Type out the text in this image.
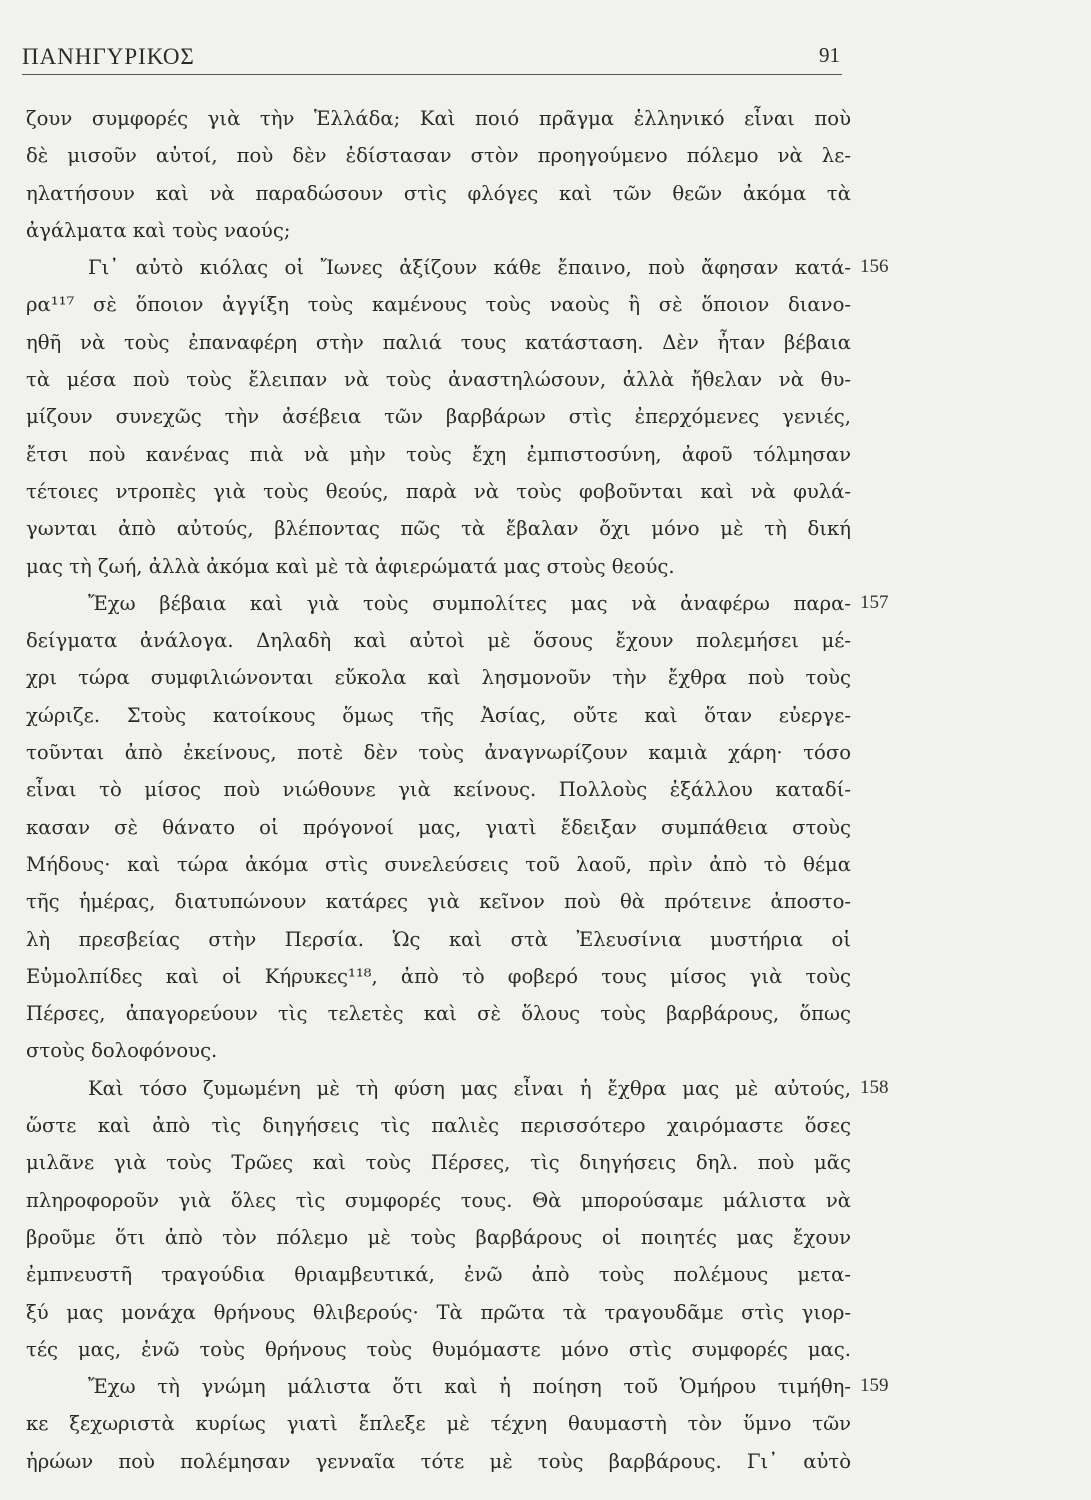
ΠΑΝΗΓΥΡΙΚΟΣ	91
ζουν συμφορές γιὰ τὴν Ἑλλάδα; Καὶ ποιό πρᾶγμα ἑλληνικό εἶναι ποὺ
δὲ μισοῦν αὐτοί, ποὺ δὲν ἐδίστασαν στὸν προηγούμενο πόλεμο νὰ λε-
ηλατήσουν καὶ νὰ παραδώσουν στὶς φλόγες καὶ τῶν θεῶν ἀκόμα τὰ
ἀγάλματα καὶ τοὺς ναούς;
Γι᾿ αὐτὸ κιόλας οἱ Ἴωνες ἀξίζουν κάθε ἔπαινο, ποὺ ἄφησαν κατά-
ρα¹¹⁷ σὲ ὅποιον ἀγγίξη τοὺς καμένους τοὺς ναοὺς ἢ σὲ ὅποιον διανο-
ηθῆ νὰ τοὺς ἐπαναφέρη στὴν παλιά τους κατάσταση. Δὲν ἦταν βέβαια
τὰ μέσα ποὺ τοὺς ἔλειπαν νὰ τοὺς ἀναστηλώσουν, ἀλλὰ ἤθελαν νὰ θυ-
μίζουν συνεχῶς τὴν ἀσέβεια τῶν βαρβάρων στὶς ἐπερχόμενες γενιές,
ἔτσι ποὺ κανένας πιὰ νὰ μὴν τοὺς ἔχη ἐμπιστοσύνη, ἀφοῦ τόλμησαν
τέτοιες ντροπὲς γιὰ τοὺς θεούς, παρὰ νὰ τοὺς φοβοῦνται καὶ νὰ φυλά-
γωνται ἀπὸ αὐτούς, βλέποντας πῶς τὰ ἔβαλαν ὄχι μόνο μὲ τὴ δική
μας τὴ ζωή, ἀλλὰ ἀκόμα καὶ μὲ τὰ ἀφιερώματά μας στοὺς θεούς.
Ἔχω βέβαια καὶ γιὰ τοὺς συμπολίτες μας νὰ ἀναφέρω παρα-
δείγματα ἀνάλογα. Δηλαδὴ καὶ αὐτοὶ μὲ ὅσους ἔχουν πολεμήσει μέ-
χρι τώρα συμφιλιώνονται εὔκολα καὶ λησμονοῦν τὴν ἔχθρα ποὺ τοὺς
χώριζε. Στοὺς κατοίκους ὅμως τῆς Ἀσίας, οὔτε καὶ ὅταν εὐεργε-
τοῦνται ἀπὸ ἐκείνους, ποτὲ δὲν τοὺς ἀναγνωρίζουν καμιὰ χάρη· τόσο
εἶναι τὸ μίσος ποὺ νιώθουνε γιὰ κείνους. Πολλοὺς ἐξάλλου καταδί-
κασαν σὲ θάνατο οἱ πρόγονοί μας, γιατὶ ἔδειξαν συμπάθεια στοὺς
Μήδους· καὶ τώρα ἀκόμα στὶς συνελεύσεις τοῦ λαοῦ, πρὶν ἀπὸ τὸ θέμα
τῆς ἡμέρας, διατυπώνουν κατάρες γιὰ κεῖνον ποὺ θὰ πρότεινε ἀποστο-
λὴ πρεσβείας στὴν Περσία. Ὡς καὶ στὰ Ἐλευσίνια μυστήρια οἱ
Εὐμολπίδες καὶ οἱ Κήρυκες¹¹⁸, ἀπὸ τὸ φοβερό τους μίσος γιὰ τοὺς
Πέρσες, ἀπαγορεύουν τὶς τελετὲς καὶ σὲ ὅλους τοὺς βαρβάρους, ὅπως
στοὺς δολοφόνους.
Καὶ τόσο ζυμωμένη μὲ τὴ φύση μας εἶναι ἡ ἔχθρα μας μὲ αὐτούς,
ὥστε καὶ ἀπὸ τὶς διηγήσεις τὶς παλιὲς περισσότερο χαιρόμαστε ὅσες
μιλᾶνε γιὰ τοὺς Τρῶες καὶ τοὺς Πέρσες, τὶς διηγήσεις δηλ. ποὺ μᾶς
πληροφοροῦν γιὰ ὅλες τὶς συμφορές τους. Θὰ μπορούσαμε μάλιστα νὰ
βροῦμε ὅτι ἀπὸ τὸν πόλεμο μὲ τοὺς βαρβάρους οἱ ποιητές μας ἔχουν
ἐμπνευστῆ τραγούδια θριαμβευτικά, ἐνῶ ἀπὸ τοὺς πολέμους μετα-
ξύ μας μονάχα θρήνους θλιβερούς· Τὰ πρῶτα τὰ τραγουδᾶμε στὶς γιορ-
τές μας, ἐνῶ τοὺς θρήνους τοὺς θυμόμαστε μόνο στὶς συμφορές μας.
Ἔχω τὴ γνώμη μάλιστα ὅτι καὶ ἡ ποίηση τοῦ Ὁμήρου τιμήθη-
κε ξεχωριστὰ κυρίως γιατὶ ἔπλεξε μὲ τέχνη θαυμαστὴ τὸν ὕμνο τῶν
ἡρώων ποὺ πολέμησαν γενναῖα τότε μὲ τοὺς βαρβάρους. Γι᾿ αὐτὸ
156
157
158
159
